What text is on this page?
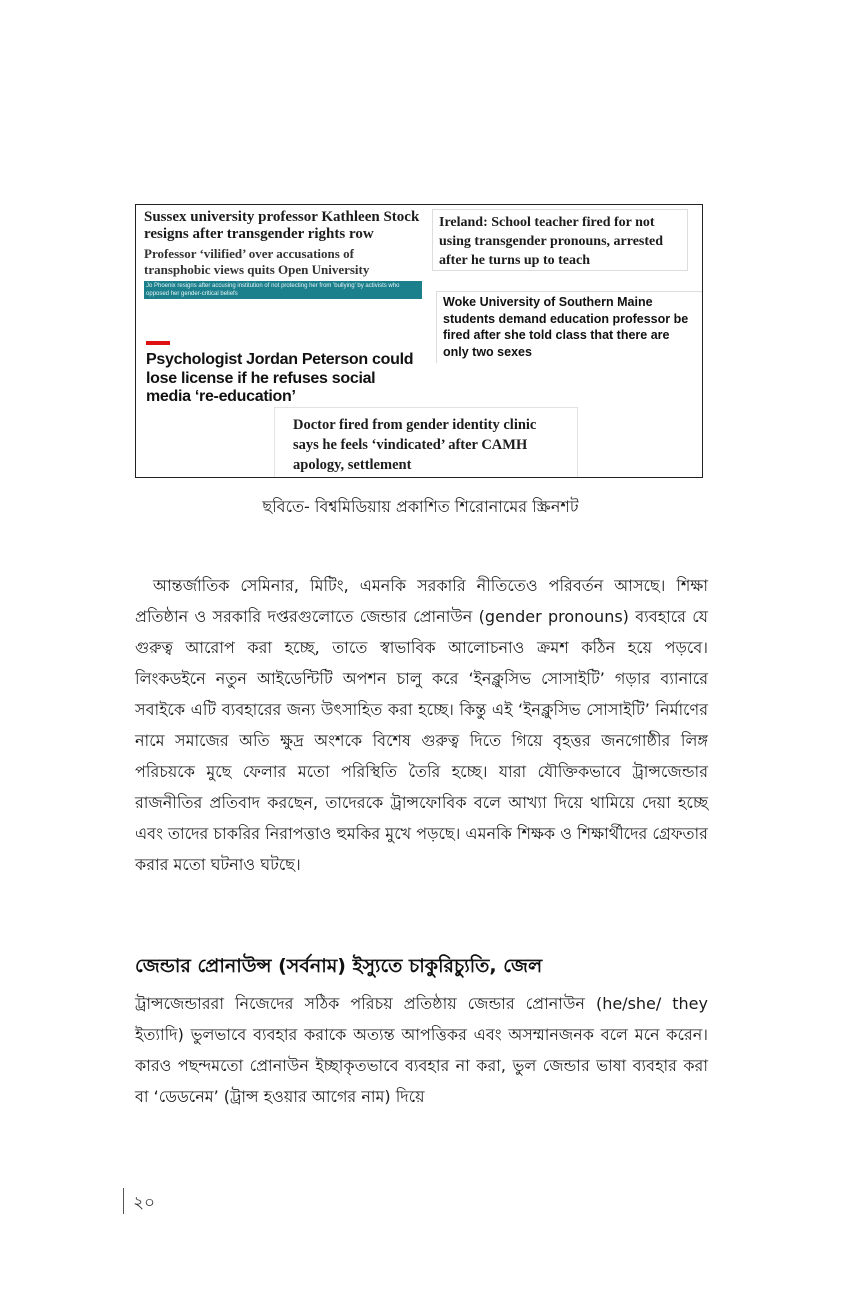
Sussex university professor Kathleen Stock resigns after transgender rights row
Professor ‘vilified’ over accusations of transphobic views quits Open University
Jo Phoenix resigns after accusing institution of not protecting her from 'bullying' by activists who opposed her gender-critical beliefs
Ireland: School teacher fired for not using transgender pronouns, arrested after he turns up to teach
Woke University of Southern Maine students demand education professor be fired after she told class that there are only two sexes
Psychologist Jordan Peterson could lose license if he refuses social media ‘re-education’
Doctor fired from gender identity clinic says he feels ‘vindicated’ after CAMH apology, settlement
ছবিতে- বিশ্বমিডিয়ায় প্রকাশিত শিরোনামের স্ক্রিনশট

আন্তর্জাতিক সেমিনার, মিটিং, এমনকি সরকারি নীতিতেও পরিবর্তন আসছে। শিক্ষা প্রতিষ্ঠান ও সরকারি দপ্তরগুলোতে জেন্ডার প্রোনাউন (gender pronouns) ব্যবহারে যে গুরুত্ব আরোপ করা হচ্ছে, তাতে স্বাভাবিক আলোচনাও ক্রমশ কঠিন হয়ে পড়বে। লিংকডইনে নতুন আইডেন্টিটি অপশন চালু করে ‘ইনক্লুসিভ সোসাইটি’ গড়ার ব্যানারে সবাইকে এটি ব্যবহারের জন্য উৎসাহিত করা হচ্ছে। কিন্তু এই ‘ইনক্লুসিভ সোসাইটি’ নির্মাণের নামে সমাজের অতি ক্ষুদ্র অংশকে বিশেষ গুরুত্ব দিতে গিয়ে বৃহত্তর জনগোষ্ঠীর লিঙ্গ পরিচয়কে মুছে ফেলার মতো পরিস্থিতি তৈরি হচ্ছে। যারা যৌক্তিকভাবে ট্রান্সজেন্ডার রাজনীতির প্রতিবাদ করছেন, তাদেরকে ট্রান্সফোবিক বলে আখ্যা দিয়ে থামিয়ে দেয়া হচ্ছে এবং তাদের চাকরির নিরাপত্তাও হুমকির মুখে পড়ছে। এমনকি শিক্ষক ও শিক্ষার্থীদের গ্রেফতার করার মতো ঘটনাও ঘটছে।

জেন্ডার প্রোনাউন্স (সর্বনাম) ইস্যুতে চাকুরিচ্যুতি, জেল

ট্রান্সজেন্ডাররা নিজেদের সঠিক পরিচয় প্রতিষ্ঠায় জেন্ডার প্রোনাউন (he/she/ they ইত্যাদি) ভুলভাবে ব্যবহার করাকে অত্যন্ত আপত্তিকর এবং অসম্মানজনক বলে মনে করেন। কারও পছন্দমতো প্রোনাউন ইচ্ছাকৃতভাবে ব্যবহার না করা, ভুল জেন্ডার ভাষা ব্যবহার করা বা ‘ডেডনেম’ (ট্রান্স হওয়ার আগের নাম) দিয়ে

২০
